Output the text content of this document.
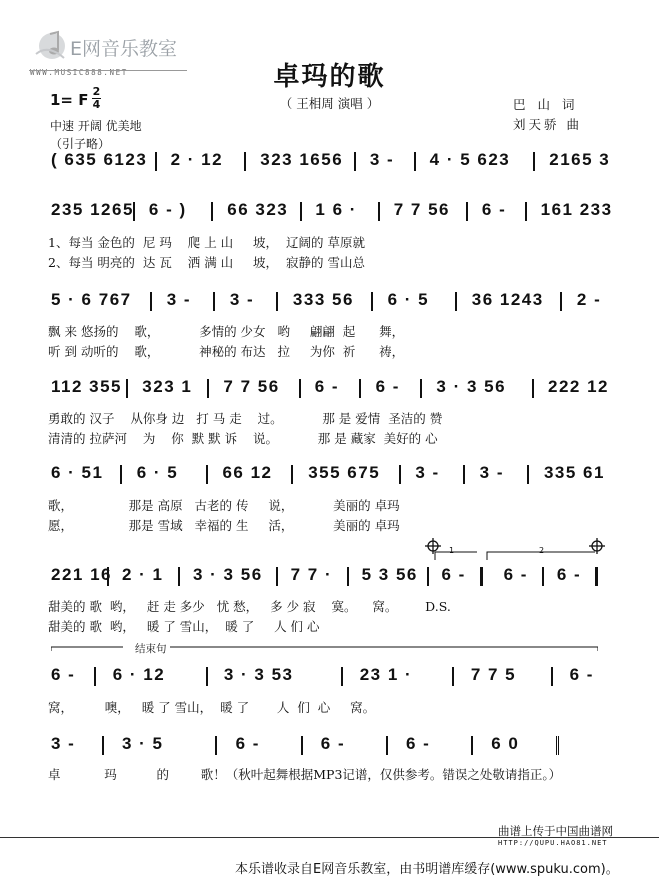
E网音乐教室
WWW.MUSIC888.NET	卓玛的歌
（ 王相周 演唱 ）
1= F 2
4
中速 开阔 优美地
（引子略）
巴 山 词
刘天骄 曲
( 635 6123 2 · 12 323 1656 3 - 4 · 5 623 2165 3
235 1265 6 - ) 66 323 1 6 · 7 7 56 6 - 161 233
5 · 6 767 3 - 3 - 333 56 6 · 5	36 1243 2 -
112 355 323 1 7 7 56 6 - 6 - 3 · 3 56 222 12
6 · 51 6 · 5	66 12 355 675 3 - 3 - 335 61
221 16 2 · 1 3 · 3 56 7 7 · 5 3 56 6 - 6 - 6 -
6 - 6 · 12	3 · 3 53	23 1 ·	7 7 5	6 -
3 -	3 · 5	6 -	6 -	6 -	6 0
1	2
结束句
曲谱上传于中国曲谱网
HTTP://QUPU.HAO81.NET
本乐谱收录自E网音乐教室，由书明谱库缓存(www.spuku.com)。
1、每当 金色的  尼 玛    爬 上 山     坡，  辽阔的 草原就
2、每当 明亮的  达 瓦    洒 满 山     坡，  寂静的 雪山总
飘 来 悠扬的    歌，          多情的 少女   哟     翩翩  起      舞，
听 到 动听的    歌，          神秘的 布达   拉     为你  祈      祷，
勇敢的 汉子    从你身 边   打 马 走    过。          那 是 爱情  圣洁的 赞
清清的 拉萨河    为    你  默 默 诉    说。          那 是 藏家  美好的 心
歌，              那是 高原   古老的 传     说，          美丽的 卓玛
愿，              那是 雪域   幸福的 生     活，          美丽的 卓玛
甜美的 歌  哟，   赶 走 多少   忧 愁，   多 少 寂    寞。    窝。       D.S.
甜美的 歌  哟，   暖 了 雪山，  暖 了     人 们 心
窝，        噢，   暖 了 雪山，  暖 了       人  们  心     窝。
卓           玛          的        歌！（秋叶起舞根据MP3记谱，仅供参考。错误之处敬请指正。）
